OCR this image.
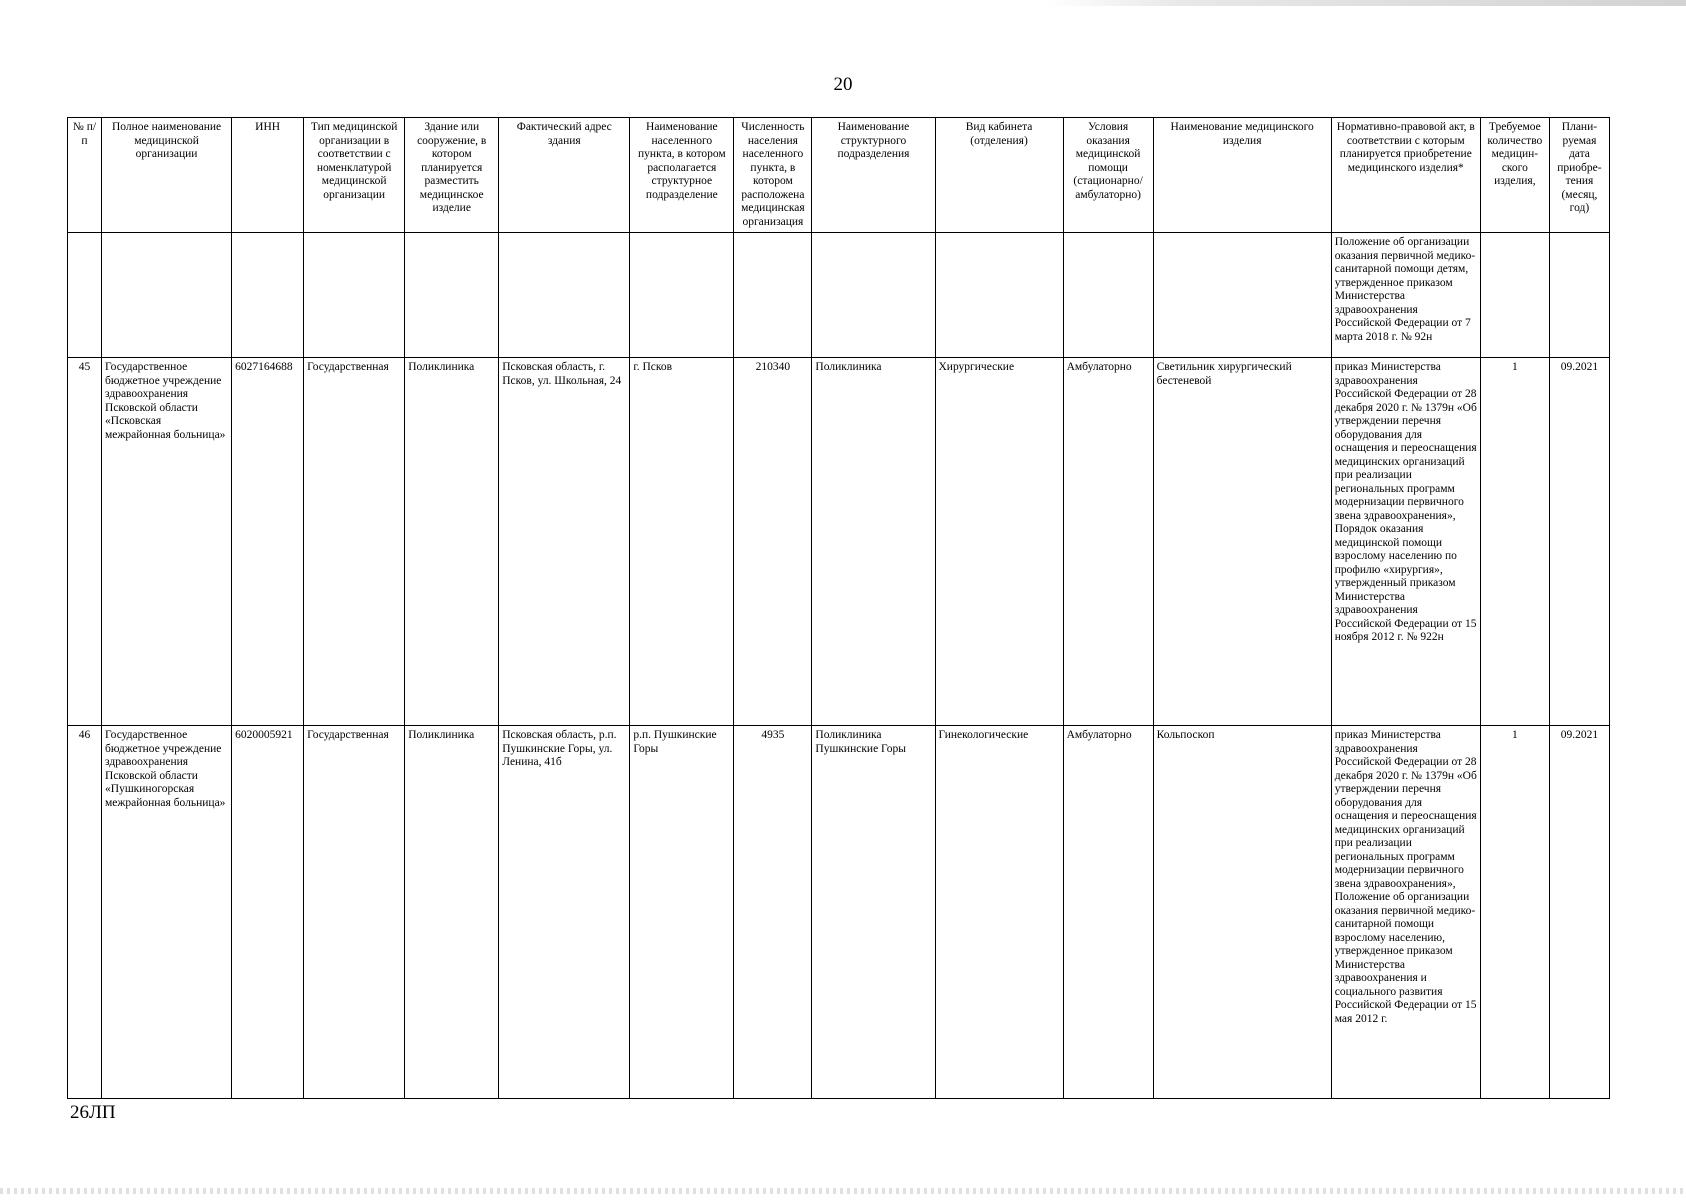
20
№ п/п	Полное наименование медицинской организации	ИНН	Тип медицинской организации в соответствии с номенклатурой медицинской организации	Здание или сооружение, в котором планируется разместить медицинское изделие	Фактический адрес здания	Наименование населенного пункта, в котором располагается структурное подразделение	Численность населения населенного пункта, в котором расположена медицинская организация	Наименование структурного подразделения	Вид кабинета (отделения)	Условия оказания медицинской помощи (стационарно/ амбулаторно)	Наименование медицинского изделия	Нормативно-правовой акт, в соответствии с которым планируется приобретение медицинского изделия*	Требуемое количество медицин-ского изделия,	Плани-руемая дата приобре-тения (месяц, год)
												Положение об организации оказания первичной медико-санитарной помощи детям, утвержденное приказом Министерства здравоохранения Российской Федерации от 7 марта 2018 г. № 92н		
45	Государственное бюджетное учреждение здравоохранения Псковской области «Псковская межрайонная больница»	6027164688	Государственная	Поликлиника	Псковская область, г. Псков, ул. Школьная, 24	г. Псков	210340	Поликлиника	Хирургические	Амбулаторно	Светильник хирургический бестеневой	приказ Министерства здравоохранения Российской Федерации от 28 декабря 2020 г. № 1379н «Об утверждении перечня оборудования для оснащения и переоснащения медицинских организаций при реализации региональных программ модернизации первичного звена здравоохранения», Порядок оказания медицинской помощи взрослому населению по профилю «хирургия», утвержденный приказом Министерства здравоохранения Российской Федерации от 15 ноября 2012 г. № 922н	1	09.2021
46	Государственное бюджетное учреждение здравоохранения Псковской области «Пушкиногорская межрайонная больница»	6020005921	Государственная	Поликлиника	Псковская область, р.п. Пушкинские Горы, ул. Ленина, 41б	р.п. Пушкинские Горы	4935	Поликлиника Пушкинские Горы	Гинекологические	Амбулаторно	Кольпоскоп	приказ Министерства здравоохранения Российской Федерации от 28 декабря 2020 г. № 1379н «Об утверждении перечня оборудования для оснащения и переоснащения медицинских организаций при реализации региональных программ модернизации первичного звена здравоохранения», Положение об организации оказания первичной медико-санитарной помощи взрослому населению, утвержденное приказом Министерства здравоохранения и социального развития Российской Федерации от 15 мая 2012 г.	1	09.2021
26ЛП
